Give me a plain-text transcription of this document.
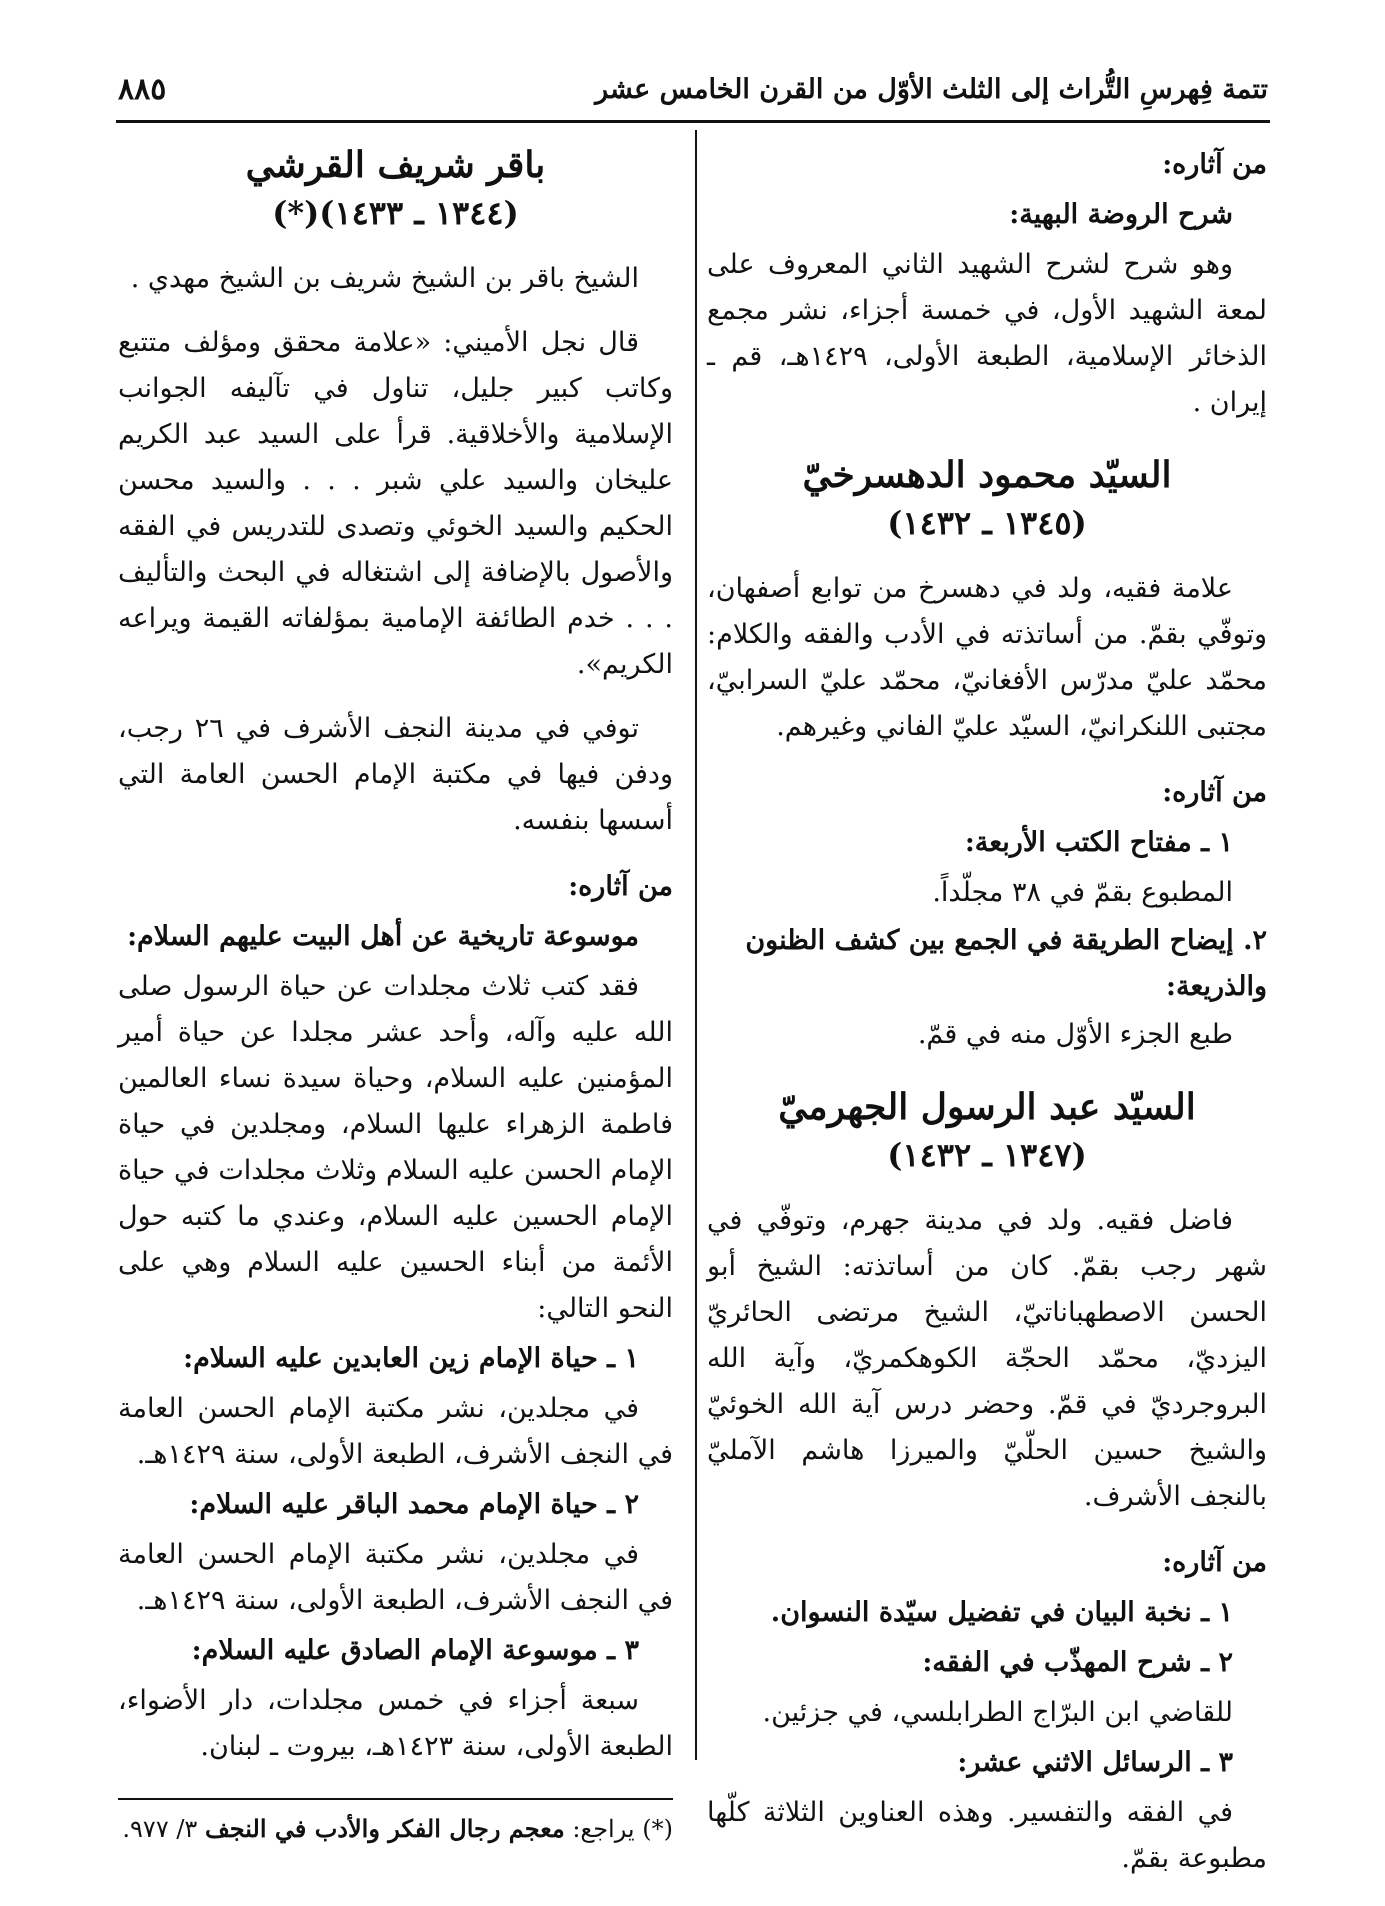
تتمة فِهرسِ التُّراث إلى الثلث الأوّل من القرن الخامس عشر
٨٨٥
من آثاره:
شرح الروضة البهية:

وهو شرح لشرح الشهيد الثاني المعروف على لمعة الشهيد الأول، في خمسة أجزاء، نشر مجمع الذخائر الإسلامية، الطبعة الأولى، ١٤٢٩هـ، قم ـ إيران .

السيّد محمود الدهسرخيّ
(١٣٤٥ ـ ١٤٣٢)

علامة فقيه، ولد في دهسرخ من توابع أصفهان، وتوفّي بقمّ. من أساتذته في الأدب والفقه والكلام: محمّد عليّ مدرّس الأفغانيّ، محمّد عليّ السرابيّ، مجتبى اللنكرانيّ، السيّد عليّ الفاني وغيرهم.

من آثاره:
١ ـ مفتاح الكتب الأربعة:

المطبوع بقمّ في ٣٨ مجلّداً.

٢. إيضاح الطريقة في الجمع بين كشف الظنون والذريعة:

طبع الجزء الأوّل منه في قمّ.

السيّد عبد الرسول الجهرميّ
(١٣٤٧ ـ ١٤٣٢)

فاضل فقيه. ولد في مدينة جهرم، وتوفّي في شهر رجب بقمّ. كان من أساتذته: الشيخ أبو الحسن الاصطهباناتيّ، الشيخ مرتضى الحائريّ اليزديّ، محمّد الحجّة الكوهكمريّ، وآية الله البروجرديّ في قمّ. وحضر درس آية الله الخوئيّ والشيخ حسين الحلّيّ والميرزا هاشم الآمليّ بالنجف الأشرف.

من آثاره:
١ ـ نخبة البيان في تفضيل سيّدة النسوان.
٢ ـ شرح المهذّب في الفقه:

للقاضي ابن البرّاج الطرابلسي، في جزئين.

٣ ـ الرسائل الاثني عشر:

في الفقه والتفسير. وهذه العناوين الثلاثة كلّها مطبوعة بقمّ.

باقر شريف القرشي
(١٣٤٤ ـ ١٤٣٣)(*)

الشيخ باقر بن الشيخ شريف بن الشيخ مهدي .

قال نجل الأميني: «علامة محقق ومؤلف متتبع وكاتب كبير جليل، تناول في تآليفه الجوانب الإسلامية والأخلاقية. قرأ على السيد عبد الكريم عليخان والسيد علي شبر . . . والسيد محسن الحكيم والسيد الخوئي وتصدى للتدريس في الفقه والأصول بالإضافة إلى اشتغاله في البحث والتأليف . . . خدم الطائفة الإمامية بمؤلفاته القيمة ويراعه الكريم».

توفي في مدينة النجف الأشرف في ٢٦ رجب، ودفن فيها في مكتبة الإمام الحسن العامة التي أسسها بنفسه.

من آثاره:
موسوعة تاريخية عن أهل البيت عليهم السلام:

فقد كتب ثلاث مجلدات عن حياة الرسول صلى الله عليه وآله، وأحد عشر مجلدا عن حياة أمير المؤمنين عليه السلام، وحياة سيدة نساء العالمين فاطمة الزهراء عليها السلام، ومجلدين في حياة الإمام الحسن عليه السلام وثلاث مجلدات في حياة الإمام الحسين عليه السلام، وعندي ما كتبه حول الأئمة من أبناء الحسين عليه السلام وهي على النحو التالي:

١ ـ حياة الإمام زين العابدين عليه السلام:

في مجلدين، نشر مكتبة الإمام الحسن العامة في النجف الأشرف، الطبعة الأولى، سنة ١٤٢٩هـ.

٢ ـ حياة الإمام محمد الباقر عليه السلام:

في مجلدين، نشر مكتبة الإمام الحسن العامة في النجف الأشرف، الطبعة الأولى، سنة ١٤٢٩هـ.

٣ ـ موسوعة الإمام الصادق عليه السلام:

سبعة أجزاء في خمس مجلدات، دار الأضواء، الطبعة الأولى، سنة ١٤٢٣هـ، بيروت ـ لبنان.

(*) يراجع: معجم رجال الفكر والأدب في النجف ٣/ ٩٧٧.
